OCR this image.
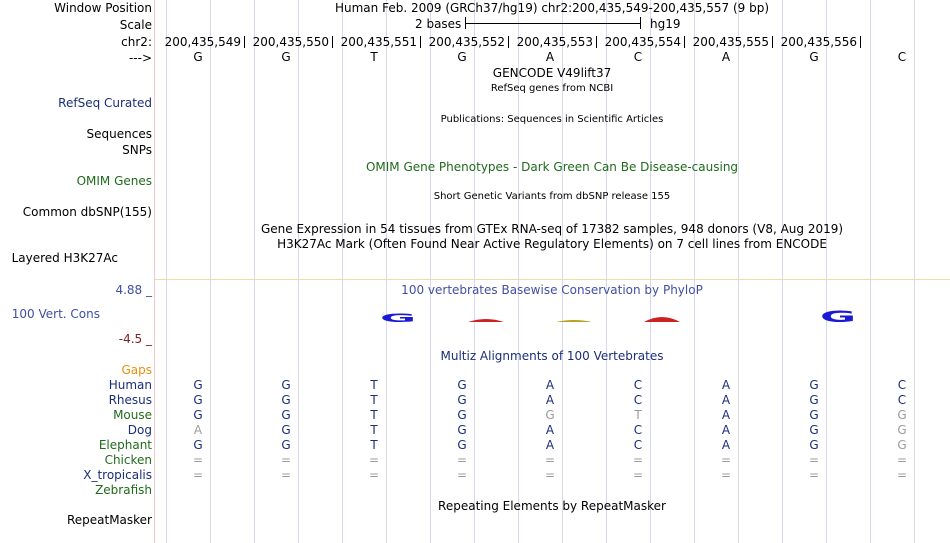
Window Position	Human Feb. 2009 (GRCh37/hg19) chr2:200,435,549-200,435,557 (9 bp)
Scale	2 bases	hg19
chr2: 200,435,549 200,435,550 200,435,551 200,435,552 200,435,553 200,435,554 200,435,555 200,435,556
--->	G	G	T	G	A	C	A	G	C
GENCODE V49lift37
RefSeq genes from NCBI
RefSeq Curated
Publications: Sequences in Scientific Articles
Sequences
SNPs
OMIM Gene Phenotypes - Dark Green Can Be Disease-causing
OMIM Genes
Short Genetic Variants from dbSNP release 155
Common dbSNP(155)
Gene Expression in 54 tissues from GTEx RNA-seq of 17382 samples, 948 donors (V8, Aug 2019)
H3K27Ac Mark (Often Found Near Active Regulatory Elements) on 7 cell lines from ENCODE
Layered H3K27Ac
4.88 _	100 vertebrates Basewise Conservation by PhyloP
100 Vert. Cons
-4.5 _
G	G
Multiz Alignments of 100 Vertebrates
Gaps
Human	G	G	T	G	A	C	A	G	C
Rhesus	G	G	T	G	A	C	A	G	C
Mouse	G	G	T	G	G	T	A	G	G
Dog	A	G	T	G	A	C	A	G	G
Elephant	G	G	T	G	A	C	A	G	G
Chicken	=	=	=	=	=	=	=	=	=
X_tropicalis	=	=	=	=	=	=	=	=	=
Zebrafish
Repeating Elements by RepeatMasker
RepeatMasker
